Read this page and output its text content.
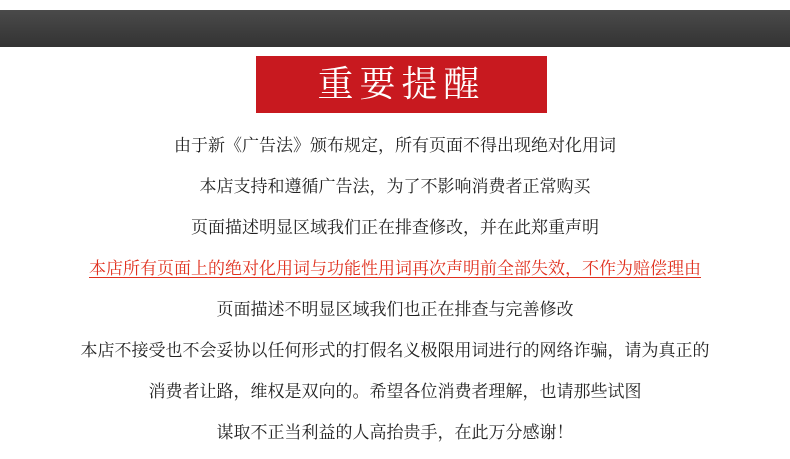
重要提醒
由于新《广告法》颁布规定，所有页面不得出现绝对化用词
本店支持和遵循广告法，为了不影响消费者正常购买
页面描述明显区域我们正在排查修改，并在此郑重声明
本店所有页面上的绝对化用词与功能性用词再次声明前全部失效，不作为赔偿理由
页面描述不明显区域我们也正在排查与完善修改
本店不接受也不会妥协以任何形式的打假名义极限用词进行的网络诈骗，请为真正的
消费者让路，维权是双向的。希望各位消费者理解，也请那些试图
谋取不正当利益的人高抬贵手，在此万分感谢！
